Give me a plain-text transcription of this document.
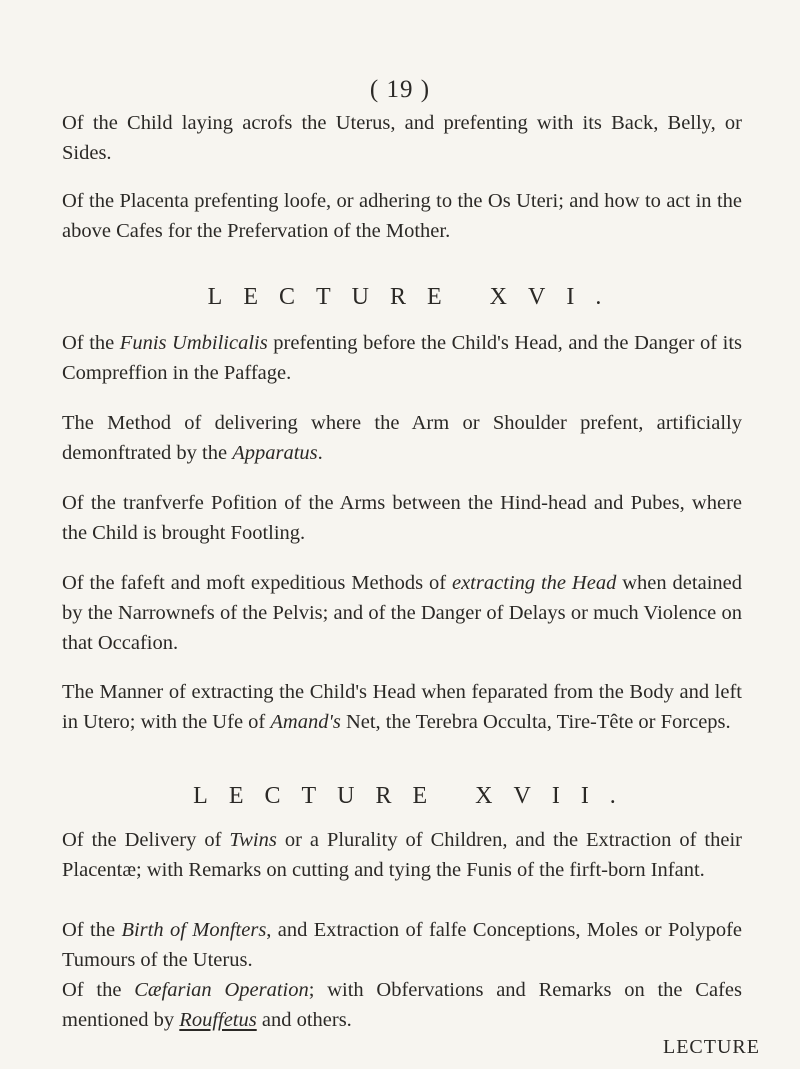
( 19 )

Of the Child laying acrofs the Uterus, and prefenting with its Back, Belly, or Sides.

Of the Placenta prefenting loofe, or adhering to the Os Uteri; and how to act in the above Cafes for the Prefervation of the Mother.

LECTURE XVI.

Of the Funis Umbilicalis prefenting before the Child's Head, and the Danger of its Compreffion in the Paffage.

The Method of delivering where the Arm or Shoulder prefent, artificially demonftrated by the Apparatus.

Of the tranfverfe Pofition of the Arms between the Hind-head and Pubes, where the Child is brought Footling.

Of the fafeft and moft expeditious Methods of extracting the Head when detained by the Narrownefs of the Pelvis; and of the Danger of Delays or much Violence on that Occafion.

The Manner of extracting the Child's Head when feparated from the Body and left in Utero; with the Ufe of Amand's Net, the Terebra Occulta, Tire-Tête or Forceps.

LECTURE XVII.

Of the Delivery of Twins or a Plurality of Children, and the Extraction of their Placentæ; with Remarks on cutting and tying the Funis of the firft-born Infant.

Of the Birth of Monfters, and Extraction of falfe Conceptions, Moles or Polypofe Tumours of the Uterus.

Of the Cæfarian Operation; with Obfervations and Remarks on the Cafes mentioned by Rouffetus and others.

LECTURE
